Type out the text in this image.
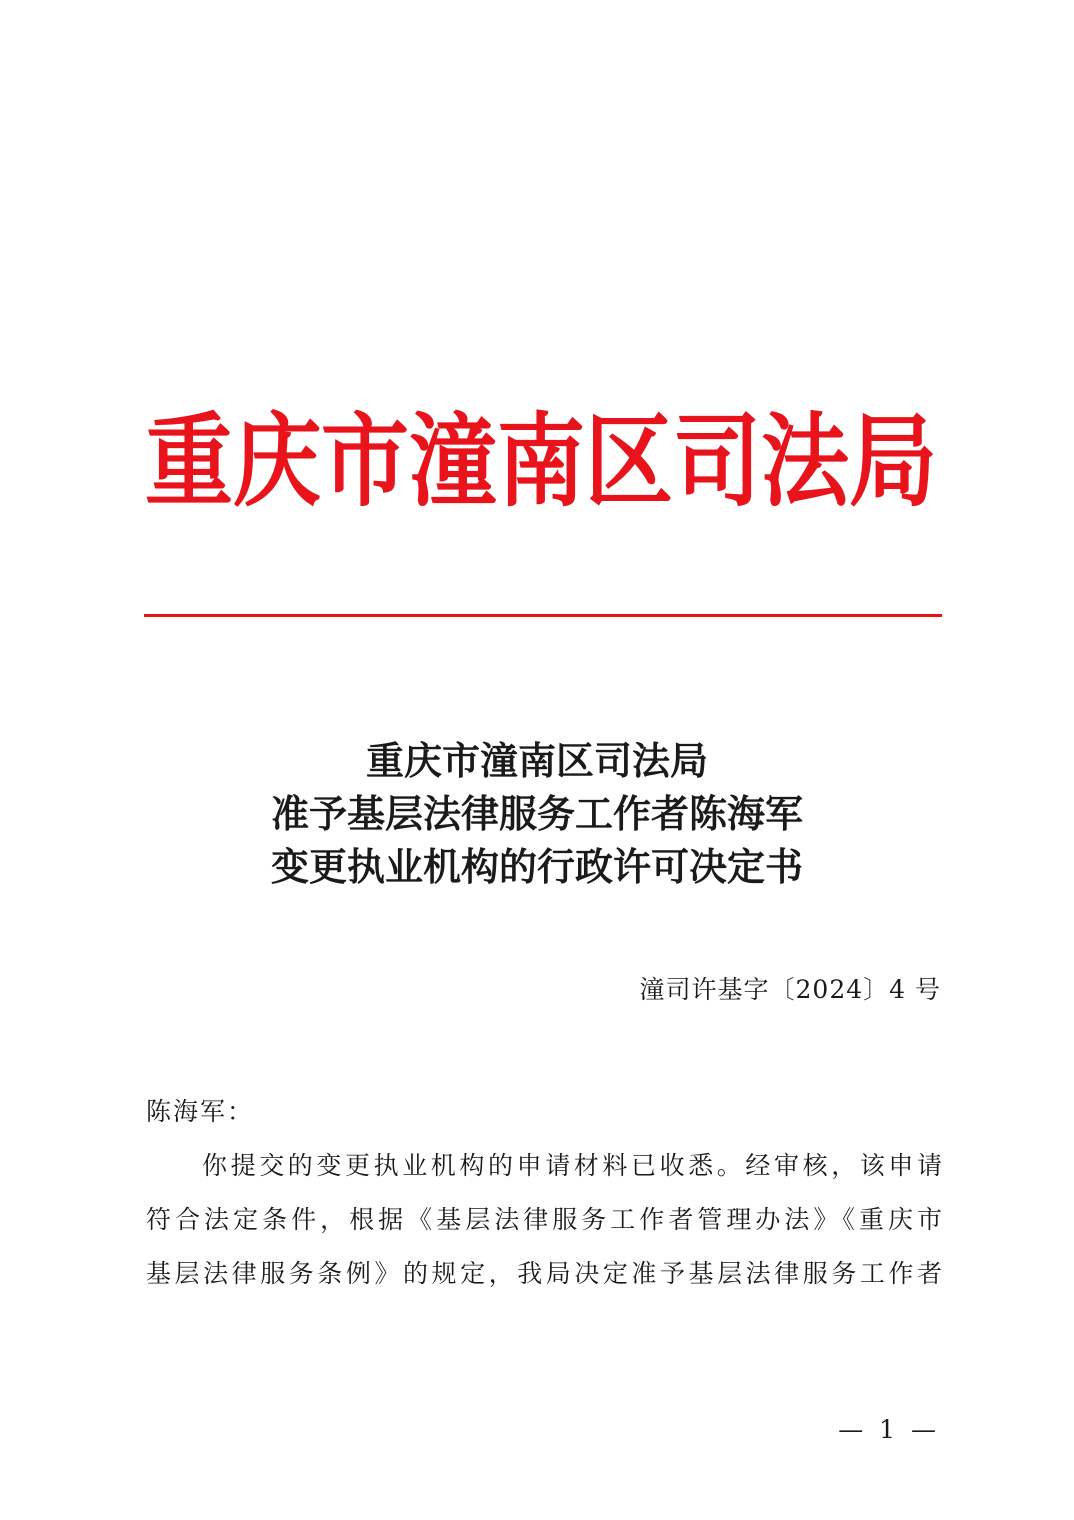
重庆市潼南区司法局
重庆市潼南区司法局
准予基层法律服务工作者陈海军
变更执业机构的行政许可决定书
潼司许基字〔2024〕4 号
陈海军：
你提交的变更执业机构的申请材料已收悉。经审核，该申请
符合法定条件，根据《基层法律服务工作者管理办法》《重庆市
基层法律服务条例》的规定，我局决定准予基层法律服务工作者
— 1 —
